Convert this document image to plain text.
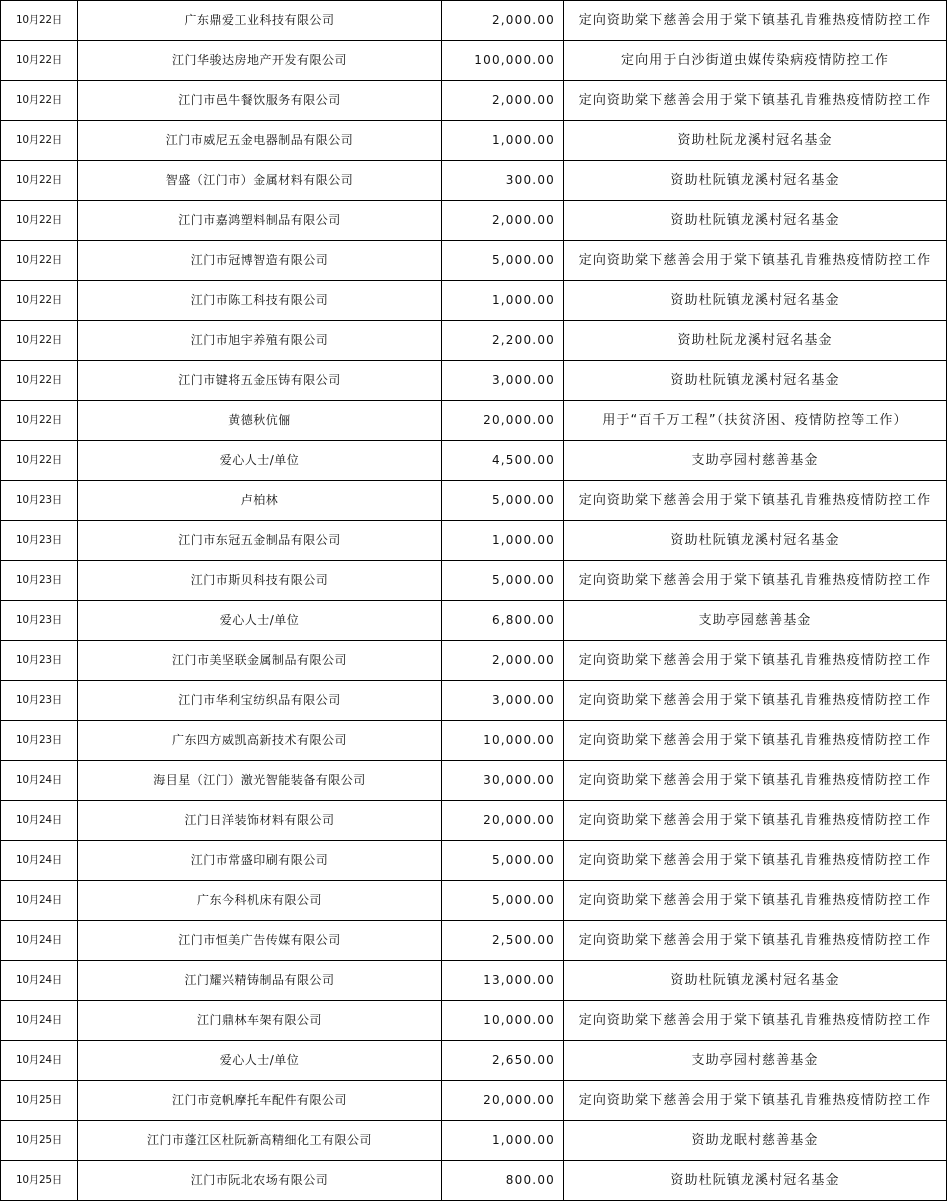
10月22日	广东鼎爱工业科技有限公司	2,000.00	定向资助棠下慈善会用于棠下镇基孔肯雅热疫情防控工作
10月22日	江门华骏达房地产开发有限公司	100,000.00	定向用于白沙街道虫媒传染病疫情防控工作
10月22日	江门市邑牛餐饮服务有限公司	2,000.00	定向资助棠下慈善会用于棠下镇基孔肯雅热疫情防控工作
10月22日	江门市威尼五金电器制品有限公司	1,000.00	资助杜阮龙溪村冠名基金
10月22日	智盛（江门市）金属材料有限公司	300.00	资助杜阮镇龙溪村冠名基金
10月22日	江门市嘉鸿塑料制品有限公司	2,000.00	资助杜阮镇龙溪村冠名基金
10月22日	江门市冠博智造有限公司	5,000.00	定向资助棠下慈善会用于棠下镇基孔肯雅热疫情防控工作
10月22日	江门市陈工科技有限公司	1,000.00	资助杜阮镇龙溪村冠名基金
10月22日	江门市旭宇养殖有限公司	2,200.00	资助杜阮龙溪村冠名基金
10月22日	江门市键将五金压铸有限公司	3,000.00	资助杜阮镇龙溪村冠名基金
10月22日	黄德秋伉俪	20,000.00	用于“百千万工程”（扶贫济困、疫情防控等工作）
10月22日	爱心人士/单位	4,500.00	支助亭园村慈善基金
10月23日	卢柏林	5,000.00	定向资助棠下慈善会用于棠下镇基孔肯雅热疫情防控工作
10月23日	江门市东冠五金制品有限公司	1,000.00	资助杜阮镇龙溪村冠名基金
10月23日	江门市斯贝科技有限公司	5,000.00	定向资助棠下慈善会用于棠下镇基孔肯雅热疫情防控工作
10月23日	爱心人士/单位	6,800.00	支助亭园慈善基金
10月23日	江门市美坚联金属制品有限公司	2,000.00	定向资助棠下慈善会用于棠下镇基孔肯雅热疫情防控工作
10月23日	江门市华利宝纺织品有限公司	3,000.00	定向资助棠下慈善会用于棠下镇基孔肯雅热疫情防控工作
10月23日	广东四方威凯高新技术有限公司	10,000.00	定向资助棠下慈善会用于棠下镇基孔肯雅热疫情防控工作
10月24日	海目星（江门）激光智能装备有限公司	30,000.00	定向资助棠下慈善会用于棠下镇基孔肯雅热疫情防控工作
10月24日	江门日洋装饰材料有限公司	20,000.00	定向资助棠下慈善会用于棠下镇基孔肯雅热疫情防控工作
10月24日	江门市常盛印刷有限公司	5,000.00	定向资助棠下慈善会用于棠下镇基孔肯雅热疫情防控工作
10月24日	广东今科机床有限公司	5,000.00	定向资助棠下慈善会用于棠下镇基孔肯雅热疫情防控工作
10月24日	江门市恒美广告传媒有限公司	2,500.00	定向资助棠下慈善会用于棠下镇基孔肯雅热疫情防控工作
10月24日	江门耀兴精铸制品有限公司	13,000.00	资助杜阮镇龙溪村冠名基金
10月24日	江门鼎林车架有限公司	10,000.00	定向资助棠下慈善会用于棠下镇基孔肯雅热疫情防控工作
10月24日	爱心人士/单位	2,650.00	支助亭园村慈善基金
10月25日	江门市竞帆摩托车配件有限公司	20,000.00	定向资助棠下慈善会用于棠下镇基孔肯雅热疫情防控工作
10月25日	江门市蓬江区杜阮新高精细化工有限公司	1,000.00	资助龙眠村慈善基金
10月25日	江门市阮北农场有限公司	800.00	资助杜阮镇龙溪村冠名基金
